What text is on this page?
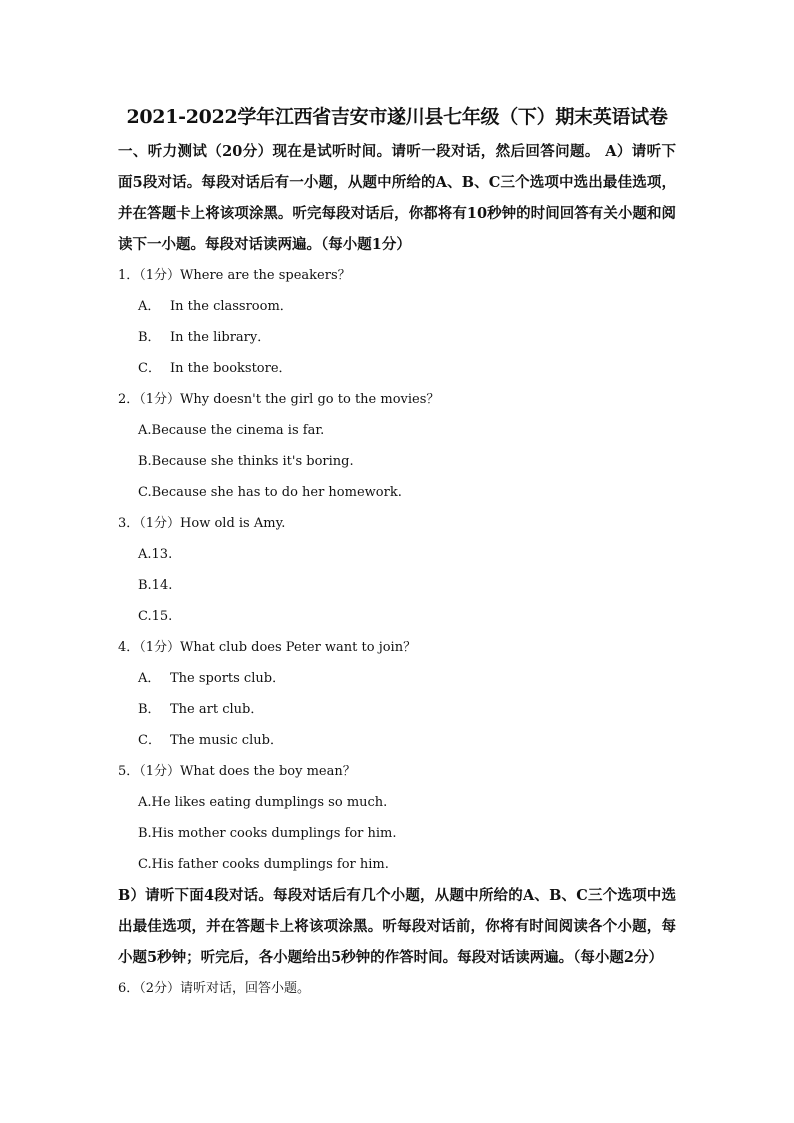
2021-2022学年江西省吉安市遂川县七年级（下）期末英语试卷

一、听力测试（20分）现在是试听时间。请听一段对话，然后回答问题。 A）请听下面5段对话。每段对话后有一小题，从题中所给的A、B、C三个选项中选出最佳选项，并在答题卡上将该项涂黑。听完每段对话后，你都将有10秒钟的时间回答有关小题和阅读下一小题。每段对话读两遍。（每小题1分）

1．（1分）Where are the speakers？

A． In the classroom．

B． In the library．

C． In the bookstore．

2．（1分）Why doesn't the girl go to the movies？

A.Because the cinema is far.

B.Because she thinks it's boring.

C.Because she has to do her homework.

3．（1分）How old is Amy.

A.13.

B.14.

C.15.

4．（1分）What club does Peter want to join？

A． The sports club．

B． The art club．

C． The music club．

5．（1分）What does the boy mean？

A.He likes eating dumplings so much.

B.His mother cooks dumplings for him.

C.His father cooks dumplings for him.

B）请听下面4段对话。每段对话后有几个小题，从题中所给的A、B、C三个选项中选出最佳选项，并在答题卡上将该项涂黑。听每段对话前，你将有时间阅读各个小题，每小题5秒钟；听完后，各小题给出5秒钟的作答时间。每段对话读两遍。（每小题2分）

6．（2分）请听对话，回答小题。
